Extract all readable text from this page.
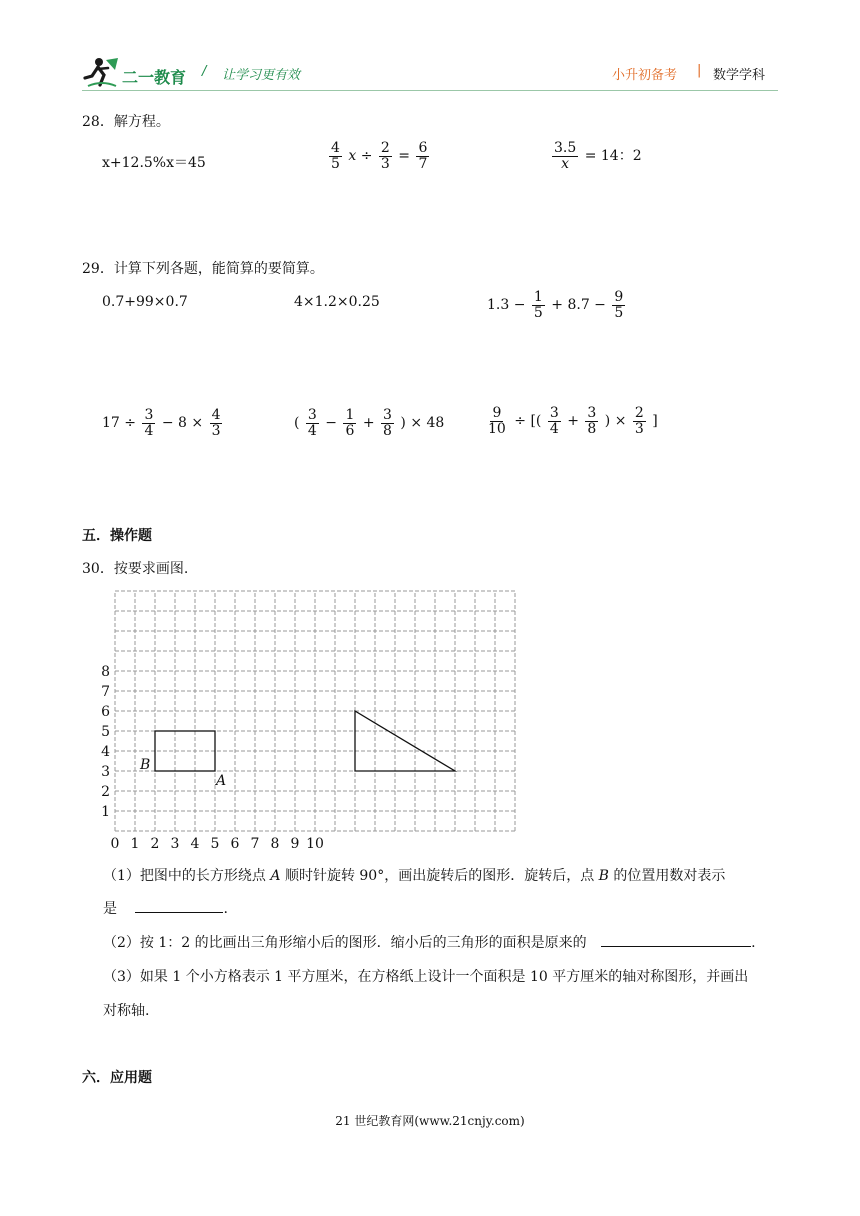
二一教育 / 让学习更有效	小升初备考 | 数学学科
28．解方程。
x+12.5%x＝45	$\frac{4}{5}$ $x \div \frac{2}{3} = \frac{6}{7}$	$\frac{3.5}{x} = 14$：2
29．计算下列各题，能简算的要简算。
0.7+99×0.7	4×1.2×0.25	$1.3 - \frac{1}{5} + 8.7 - \frac{9}{5}$
$17 \div \frac{3}{4} - 8 \times \frac{4}{3}$	( $\frac{3}{4} - \frac{1}{6} + \frac{3}{8}$ ) × 48	$\frac{9}{10}$ ÷ [( $\frac{3}{4} + \frac{3}{8}$ ) × $\frac{2}{3}$ ]
五．操作题
30．按要求画图.
1
2
3
4
5
6
7
8
0 1 2 3 4 5 6 7 8 9 10
B
A
（1）把图中的长方形绕点 A 顺时针旋转 90°，画出旋转后的图形．旋转后，点 B 的位置用数对表示
是	.
（2）按 1：2 的比画出三角形缩小后的图形．缩小后的三角形的面积是原来的	.
（3）如果 1 个小方格表示 1 平方厘米，在方格纸上设计一个面积是 10 平方厘米的轴对称图形，并画出
对称轴.
六．应用题
21 世纪教育网(www.21cnjy.com)
